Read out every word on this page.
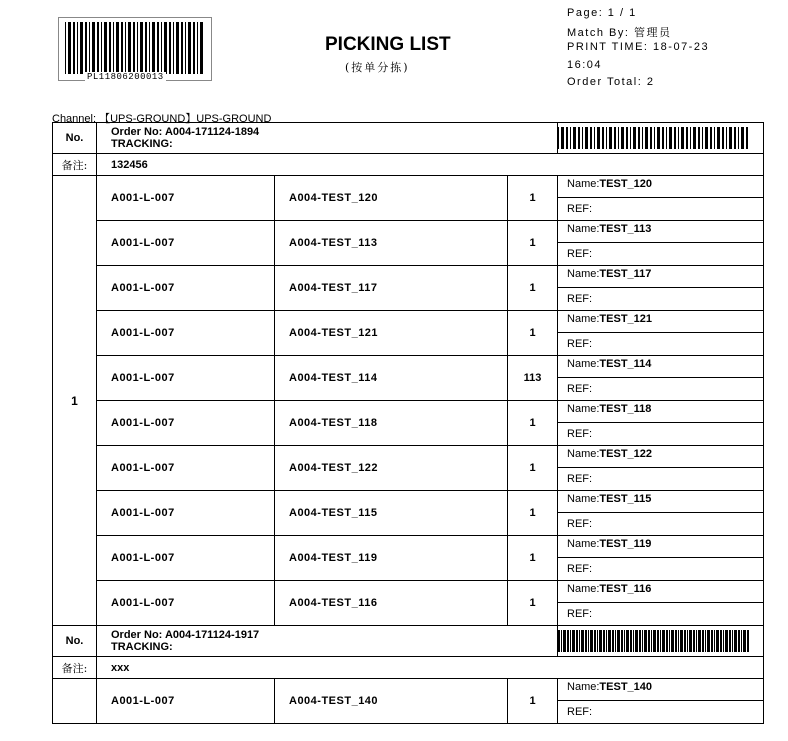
PL11806200013
PICKING LIST
(按单分拣)
Page: 1 / 1
Match By: 管理员
PRINT TIME: 18-07-23
16:04
Order Total: 2
Channel: 【UPS-GROUND】UPS-GROUND
No.	Order No: A004-171124-1894
TRACKING:

备注:	132456			
1	A001-L-007	A004-TEST_120	1	Name:TEST_120
REF:

	A001-L-007	A004-TEST_113	1	Name:TEST_113
REF:

	A001-L-007	A004-TEST_117	1	Name:TEST_117
REF:

	A001-L-007	A004-TEST_121	1	Name:TEST_121
REF:

	A001-L-007	A004-TEST_114	113	Name:TEST_114
REF:

	A001-L-007	A004-TEST_118	1	Name:TEST_118
REF:

	A001-L-007	A004-TEST_122	1	Name:TEST_122
REF:

	A001-L-007	A004-TEST_115	1	Name:TEST_115
REF:

	A001-L-007	A004-TEST_119	1	Name:TEST_119
REF:

	A001-L-007	A004-TEST_116	1	Name:TEST_116
REF:

No.	Order No: A004-171124-1917
TRACKING:

备注:	xxx			
	A001-L-007	A004-TEST_140	1	Name:TEST_140
REF:
